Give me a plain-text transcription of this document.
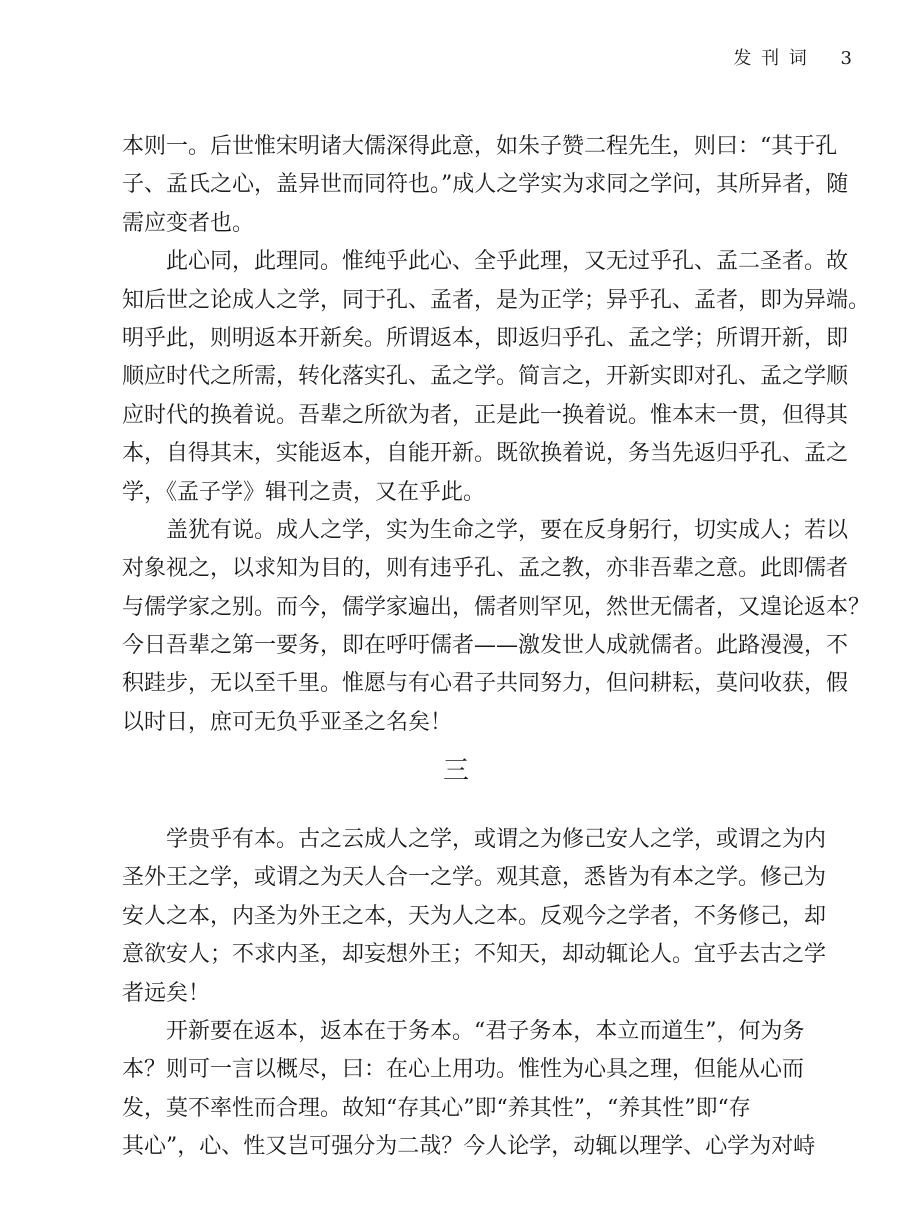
发 刊 词 3
本则一。后世惟宋明诸大儒深得此意，如朱子赞二程先生，则曰：“其于孔
子、孟氏之心，盖异世而同符也。”成人之学实为求同之学问，其所异者，随
需应变者也。
　　此心同，此理同。惟纯乎此心、全乎此理，又无过乎孔、孟二圣者。故
知后世之论成人之学，同于孔、孟者，是为正学；异乎孔、孟者，即为异端。
明乎此，则明返本开新矣。所谓返本，即返归乎孔、孟之学；所谓开新，即
顺应时代之所需，转化落实孔、孟之学。简言之，开新实即对孔、孟之学顺
应时代的换着说。吾辈之所欲为者，正是此一换着说。惟本末一贯，但得其
本，自得其末，实能返本，自能开新。既欲换着说，务当先返归乎孔、孟之
学，《孟子学》辑刊之责，又在乎此。
　　盖犹有说。成人之学，实为生命之学，要在反身躬行，切实成人；若以
对象视之，以求知为目的，则有违乎孔、孟之教，亦非吾辈之意。此即儒者
与儒学家之别。而今，儒学家遍出，儒者则罕见，然世无儒者，又遑论返本？
今日吾辈之第一要务，即在呼吁儒者——激发世人成就儒者。此路漫漫，不
积跬步，无以至千里。惟愿与有心君子共同努力，但问耕耘，莫问收获，假
以时日，庶可无负乎亚圣之名矣！
三
　　学贵乎有本。古之云成人之学，或谓之为修己安人之学，或谓之为内
圣外王之学，或谓之为天人合一之学。观其意，悉皆为有本之学。修己为
安人之本，内圣为外王之本，天为人之本。反观今之学者，不务修己，却
意欲安人；不求内圣，却妄想外王；不知天，却动辄论人。宜乎去古之学
者远矣！
　　开新要在返本，返本在于务本。“君子务本，本立而道生”，何为务
本？则可一言以概尽，曰：在心上用功。惟性为心具之理，但能从心而
发，莫不率性而合理。故知“存其心”即“养其性”，“养其性”即“存
其心”，心、性又岂可强分为二哉？今人论学，动辄以理学、心学为对峙
